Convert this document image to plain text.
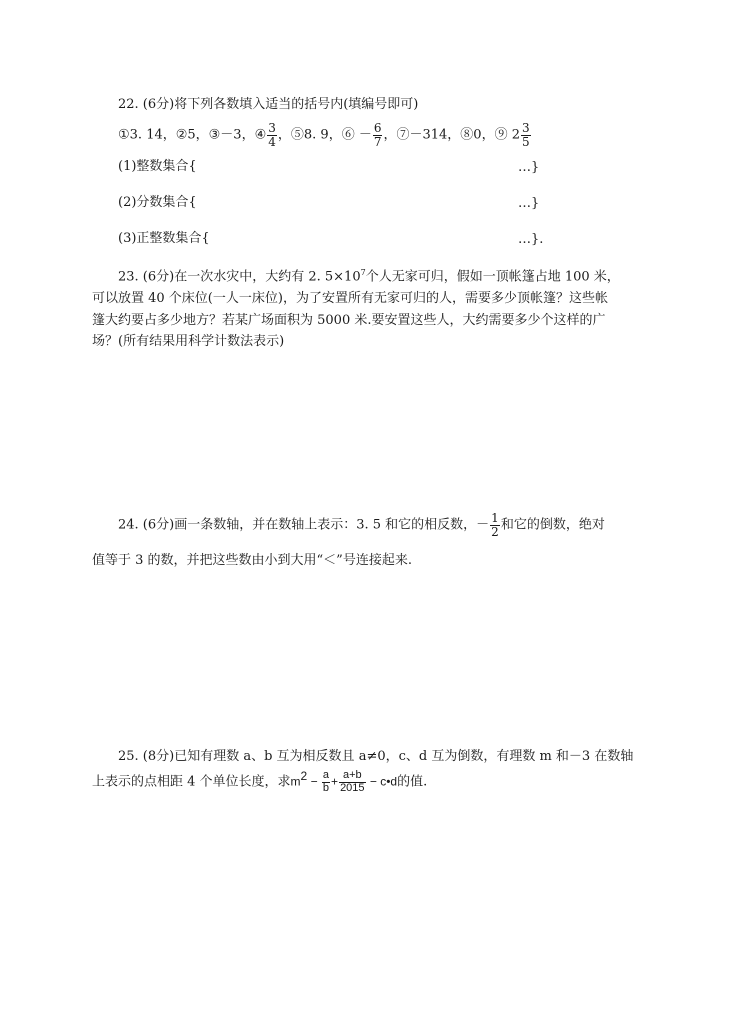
22. (6分)将下列各数填入适当的括号内(填编号即可)
①3. 14，②5，③－3，④ $\frac{3}{4}$ ，⑤8. 9，⑥ － $\frac{6}{7}$ ，⑦－314，⑧0，⑨ $2 \frac{3}{5}$
(1)整数集合{	…}
(2)分数集合{	…}
(3)正整数集合{	…}.
23. (6分)在一次水灾中，大约有 2. $5\times 10^7$个人无家可归，假如一顶帐篷占地 100 米，
可以放置 40 个床位(一人一床位)，为了安置所有无家可归的人，需要多少顶帐篷？这些帐
篷大约要占多少地方？若某广场面积为 5000 米.要安置这些人，大约需要多少个这样的广
场？(所有结果用科学计数法表示)
24. (6分)画一条数轴，并在数轴上表示：3. 5 和它的相反数，－ $\frac{1}{2}$ 和它的倒数，绝对
值等于 3 的数，并把这些数由小到大用“＜”号连接起来.
25. (8分)已知有理数 a、b 互为相反数且 a≠0，c、d 互为倒数，有理数 m 和－3 在数轴
上表示的点相距 4 个单位长度，求$m2 - \frac{a}{b} + \frac{a+b}{2015}$ − c•d的值.
